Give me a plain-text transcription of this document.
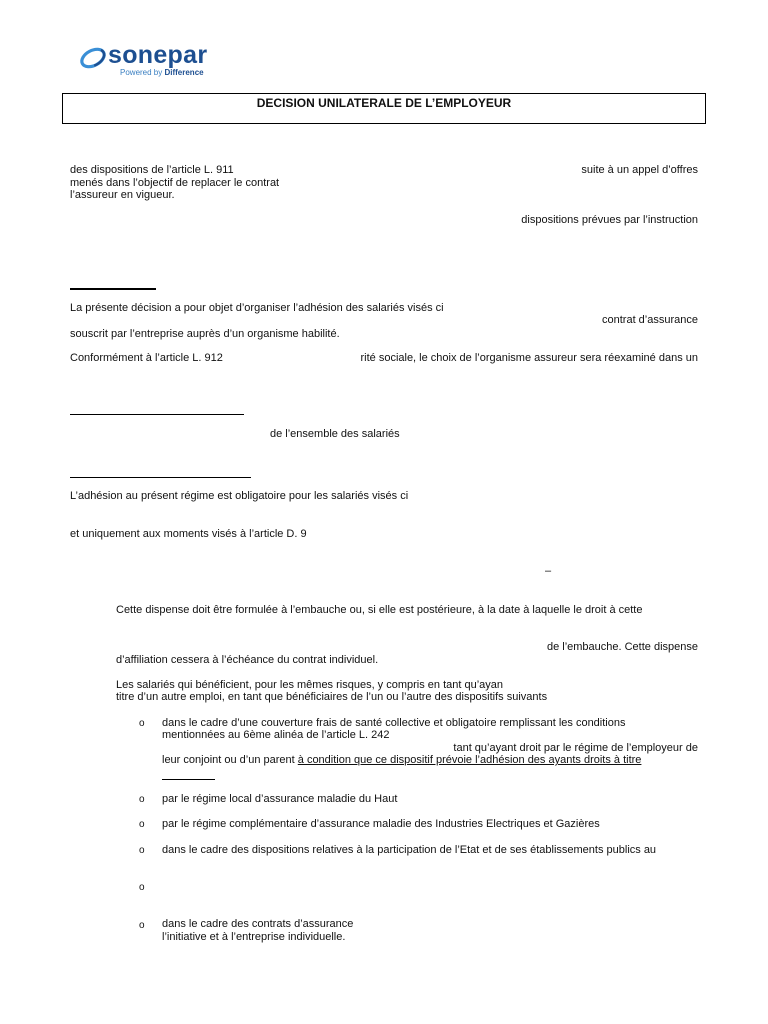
sonepar
Powered by Difference
DECISION UNILATERALE DE L’EMPLOYEUR
des dispositions de l’article L. 911	suite à un appel d’offres
menés dans l’objectif de replacer le contrat
l’assureur en vigueur.
dispositions prévues par l’instruction
La présente décision a pour objet d’organiser l’adhésion des salariés visés ci
contrat d’assurance
souscrit par l’entreprise auprès d’un organisme habilité.
Conformément à l’article L. 912	rité sociale, le choix de l’organisme assureur sera réexaminé dans un
de l’ensemble des salariés
L’adhésion au présent régime est obligatoire pour les salariés visés ci
et uniquement aux moments visés à l’article D. 9
–
Cette dispense doit être formulée à l’embauche ou, si elle est postérieure, à la date à laquelle le droit à cette
de l’embauche. Cette dispense
d’affiliation cessera à l’échéance du contrat individuel.
Les salariés qui bénéficient, pour les mêmes risques, y compris en tant qu’ayan
titre d’un autre emploi, en tant que bénéficiaires de l’un ou l’autre des dispositifs suivants
o dans le cadre d’une couverture frais de santé collective et obligatoire remplissant les conditions
mentionnées au 6ème alinéa de l’article L. 242
tant qu’ayant droit par le régime de l’employeur de
leur conjoint ou d’un parent à condition que ce dispositif prévoie l’adhésion des ayants droits à titre
o par le régime local d’assurance maladie du Haut
o par le régime complémentaire d’assurance maladie des Industries Electriques et Gazières
o dans le cadre des dispositions relatives à la participation de l’Etat et de ses établissements publics au
o
o dans le cadre des contrats d’assurance
l’initiative et à l’entreprise individuelle.
